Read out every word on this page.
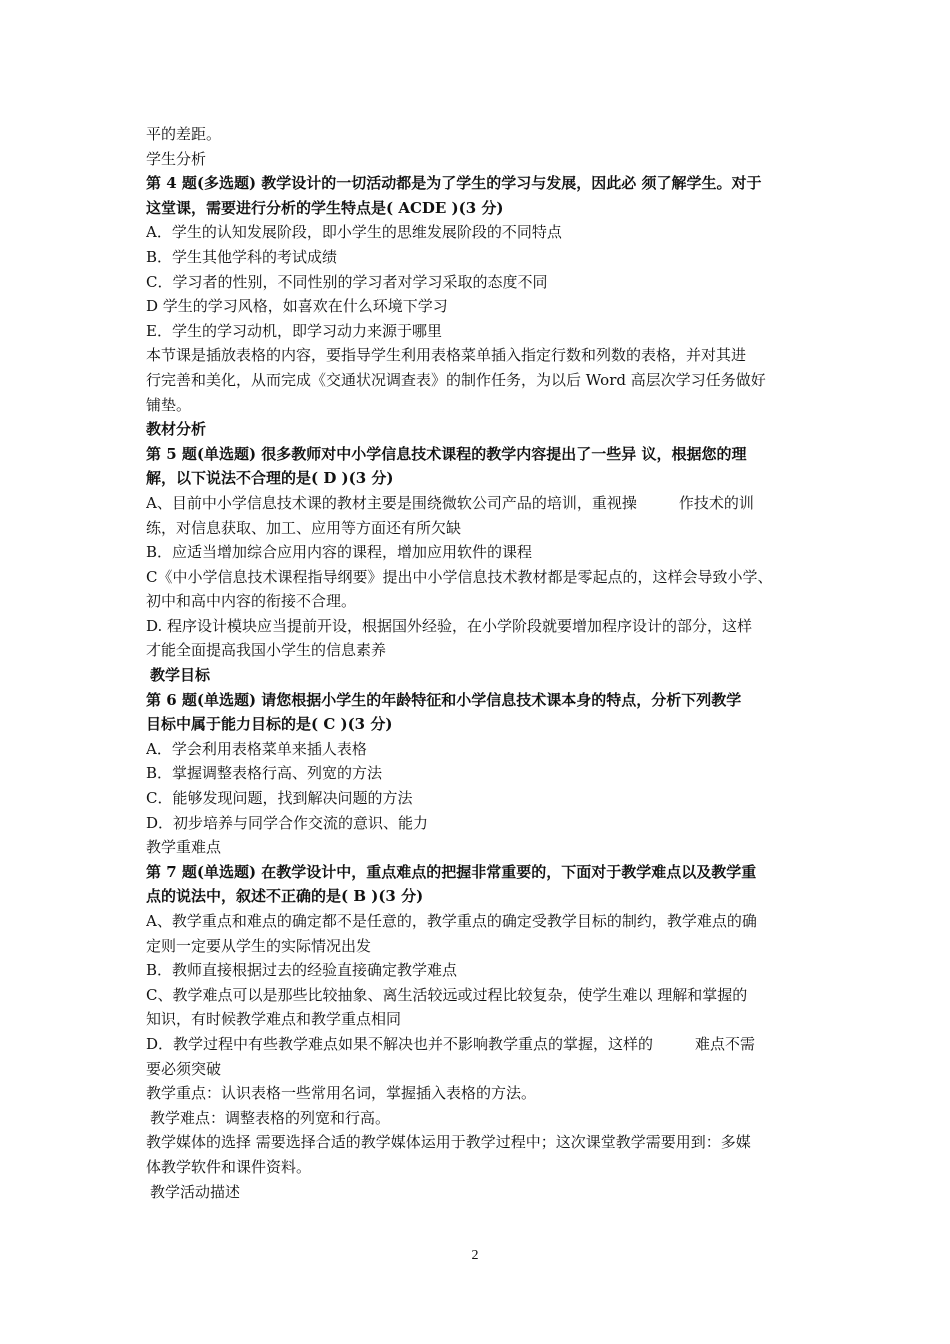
平的差距。
学生分析
第 4 题(多选题) 教学设计的一切活动都是为了学生的学习与发展，因此必 须了解学生。对于
这堂课，需要进行分析的学生特点是( ACDE )(3 分)
A．学生的认知发展阶段，即小学生的思维发展阶段的不同特点
B．学生其他学科的考试成绩
C．学习者的性别，不同性别的学习者对学习采取的态度不同
D 学生的学习风格，如喜欢在什么环境下学习
E．学生的学习动机，即学习动力来源于哪里
本节课是插放表格的内容，要指导学生利用表格菜单插入指定行数和列数的表格，并对其进
行完善和美化，从而完成《交通状况调查表》的制作任务，为以后 Word 高层次学习任务做好
铺垫。
教材分析
第 5 题(单选题) 很多教师对中小学信息技术课程的教学内容提出了一些异 议，根据您的理
解，以下说法不合理的是( D )(3 分)
A、目前中小学信息技术课的教材主要是围绕微软公司产品的培训，重视操	作技术的训
练，对信息获取、加工、应用等方面还有所欠缺
B．应适当增加综合应用内容的课程，增加应用软件的课程
C《中小学信息技术课程指导纲要》提出中小学信息技术教材都是零起点的，这样会导致小学、
初中和高中内容的衔接不合理。
D. 程序设计模块应当提前开设，根据国外经验，在小学阶段就要增加程序设计的部分，这样
才能全面提高我国小学生的信息素养
教学目标
第 6 题(单选题) 请您根据小学生的年龄特征和小学信息技术课本身的特点，分析下列教学
目标中属于能力目标的是( C )(3 分)
A．学会利用表格菜单来插人表格
B．掌握调整表格行高、列宽的方法
C．能够发现问题，找到解决问题的方法
D．初步培养与同学合作交流的意识、能力
教学重难点
第 7 题(单选题) 在教学设计中，重点难点的把握非常重要的，下面对于教学难点以及教学重
点的说法中，叙述不正确的是( B )(3 分)
A、教学重点和难点的确定都不是任意的，教学重点的确定受教学目标的制约，教学难点的确
定则一定要从学生的实际情况出发
B．教师直接根据过去的经验直接确定教学难点
C、教学难点可以是那些比较抽象、离生活较远或过程比较复杂，使学生难以 理解和掌握的
知识，有时候教学难点和教学重点相同
D．教学过程中有些教学难点如果不解决也并不影响教学重点的掌握，这样的	难点不需
要必须突破
教学重点：认识表格一些常用名词，掌握插入表格的方法。
教学难点：调整表格的列宽和行高。
教学媒体的选择 需要选择合适的教学媒体运用于教学过程中；这次课堂教学需要用到：多媒
体教学软件和课件资料。
教学活动描述
2
